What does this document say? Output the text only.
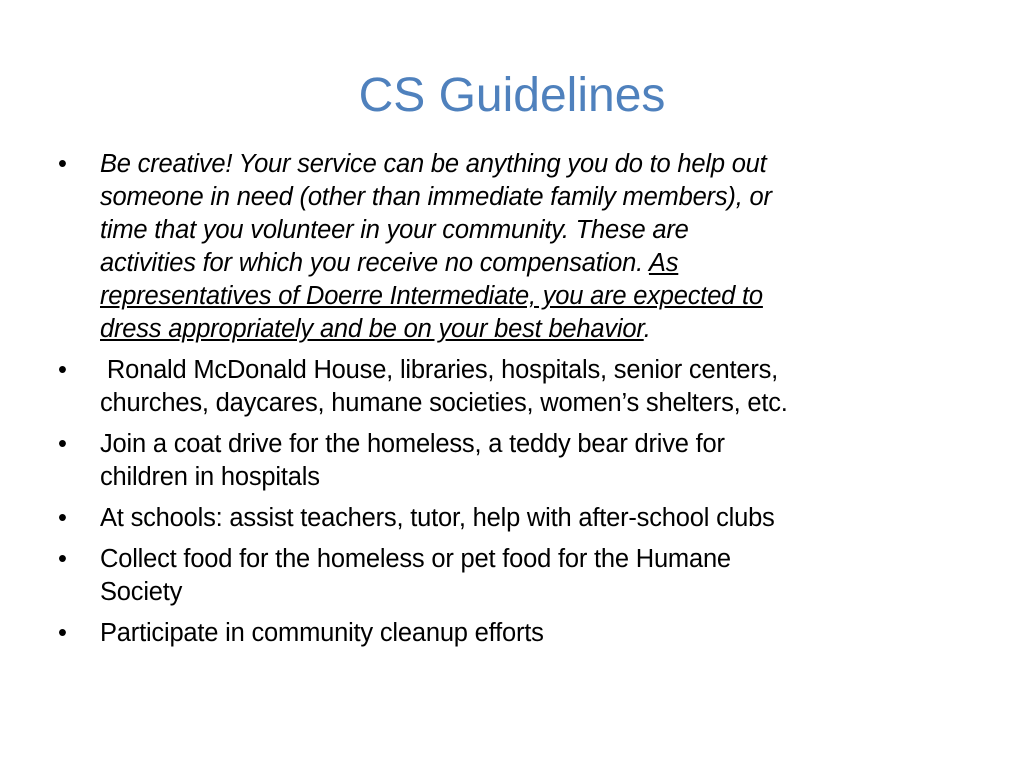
CS Guidelines
• Be creative! Your service can be anything you do to help out
someone in need (other than immediate family members), or
time that you volunteer in your community. These are
activities for which you receive no compensation. As
representatives of Doerre Intermediate, you are expected to
dress appropriately and be on your best behavior.
• Ronald McDonald House, libraries, hospitals, senior centers,
churches, daycares, humane societies, women’s shelters, etc.
• Join a coat drive for the homeless, a teddy bear drive for
children in hospitals
• At schools: assist teachers, tutor, help with after-school clubs
• Collect food for the homeless or pet food for the Humane
Society
• Participate in community cleanup efforts
